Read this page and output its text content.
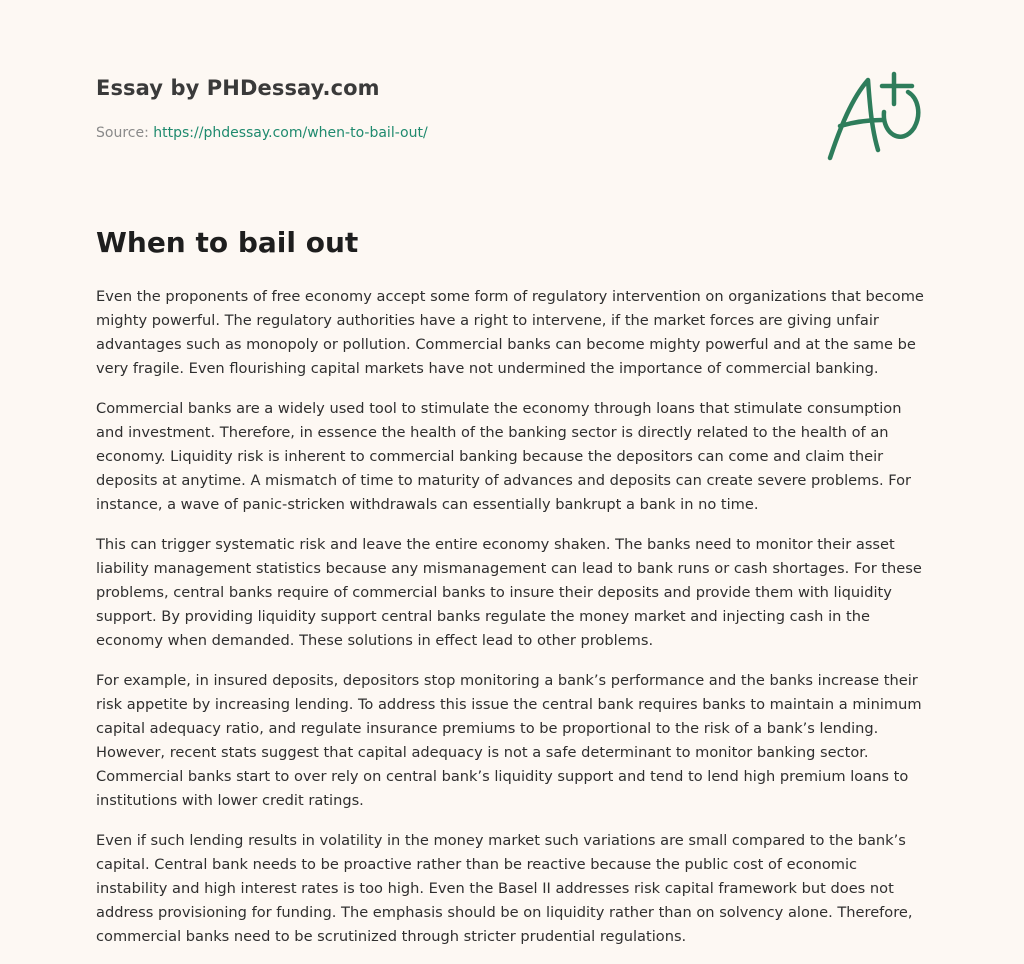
Essay by PHDessay.com
Source: https://phdessay.com/when-to-bail-out/
When to bail out

Even the proponents of free economy accept some form of regulatory intervention on organizations that become mighty powerful. The regulatory authorities have a right to intervene, if the market forces are giving unfair advantages such as monopoly or pollution. Commercial banks can become mighty powerful and at the same be very fragile. Even flourishing capital markets have not undermined the importance of commercial banking.

Commercial banks are a widely used tool to stimulate the economy through loans that stimulate consumption and investment. Therefore, in essence the health of the banking sector is directly related to the health of an economy. Liquidity risk is inherent to commercial banking because the depositors can come and claim their deposits at anytime. A mismatch of time to maturity of advances and deposits can create severe problems. For instance, a wave of panic-stricken withdrawals can essentially bankrupt a bank in no time.

This can trigger systematic risk and leave the entire economy shaken. The banks need to monitor their asset liability management statistics because any mismanagement can lead to bank runs or cash shortages. For these problems, central banks require of commercial banks to insure their deposits and provide them with liquidity support. By providing liquidity support central banks regulate the money market and injecting cash in the economy when demanded. These solutions in effect lead to other problems.

For example, in insured deposits, depositors stop monitoring a bank’s performance and the banks increase their risk appetite by increasing lending. To address this issue the central bank requires banks to maintain a minimum capital adequacy ratio, and regulate insurance premiums to be proportional to the risk of a bank’s lending. However, recent stats suggest that capital adequacy is not a safe determinant to monitor banking sector. Commercial banks start to over rely on central bank’s liquidity support and tend to lend high premium loans to institutions with lower credit ratings.

Even if such lending results in volatility in the money market such variations are small compared to the bank’s capital. Central bank needs to be proactive rather than be reactive because the public cost of economic instability and high interest rates is too high. Even the Basel II addresses risk capital framework but does not address provisioning for funding. The emphasis should be on liquidity rather than on solvency alone. Therefore, commercial banks need to be scrutinized through stricter prudential regulations.
